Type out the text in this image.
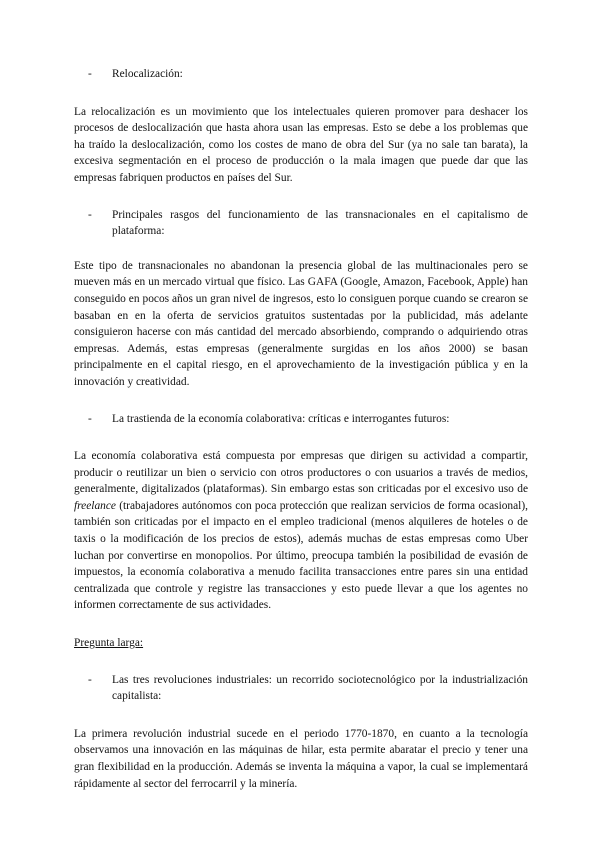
-	Relocalización:

La relocalización es un movimiento que los intelectuales quieren promover para deshacer los procesos de deslocalización que hasta ahora usan las empresas. Esto se debe a los problemas que ha traído la deslocalización, como los costes de mano de obra del Sur (ya no sale tan barata), la excesiva segmentación en el proceso de producción o la mala imagen que puede dar que las empresas fabriquen productos en países del Sur.

-	Principales rasgos del funcionamiento de las transnacionales en el capitalismo de plataforma:

Este tipo de transnacionales no abandonan la presencia global de las multinacionales pero se mueven más en un mercado virtual que físico. Las GAFA (Google, Amazon, Facebook, Apple) han conseguido en pocos años un gran nivel de ingresos, esto lo consiguen porque cuando se crearon se basaban en en la oferta de servicios gratuitos sustentadas por la publicidad, más adelante consiguieron hacerse con más cantidad del mercado absorbiendo, comprando o adquiriendo otras empresas. Además, estas empresas (generalmente surgidas en los años 2000) se basan principalmente en el capital riesgo, en el aprovechamiento de la investigación pública y en la innovación y creatividad.

-	La trastienda de la economía colaborativa: críticas e interrogantes futuros:

La economía colaborativa está compuesta por empresas que dirigen su actividad a compartir, producir o reutilizar un bien o servicio con otros productores o con usuarios a través de medios, generalmente, digitalizados (plataformas). Sin embargo estas son criticadas por el excesivo uso de freelance (trabajadores autónomos con poca protección que realizan servicios de forma ocasional), también son criticadas por el impacto en el empleo tradicional (menos alquileres de hoteles o de taxis o la modificación de los precios de estos), además muchas de estas empresas como Uber luchan por convertirse en monopolios. Por último, preocupa también la posibilidad de evasión de impuestos, la economía colaborativa a menudo facilita transacciones entre pares sin una entidad centralizada que controle y registre las transacciones y esto puede llevar a que los agentes no informen correctamente de sus actividades.

Pregunta larga:

-	Las tres revoluciones industriales: un recorrido sociotecnológico por la industrialización capitalista:

La primera revolución industrial sucede en el periodo 1770-1870, en cuanto a la tecnología observamos una innovación en las máquinas de hilar, esta permite abaratar el precio y tener una gran flexibilidad en la producción. Además se inventa la máquina a vapor, la cual se implementará rápidamente al sector del ferrocarril y la minería.
